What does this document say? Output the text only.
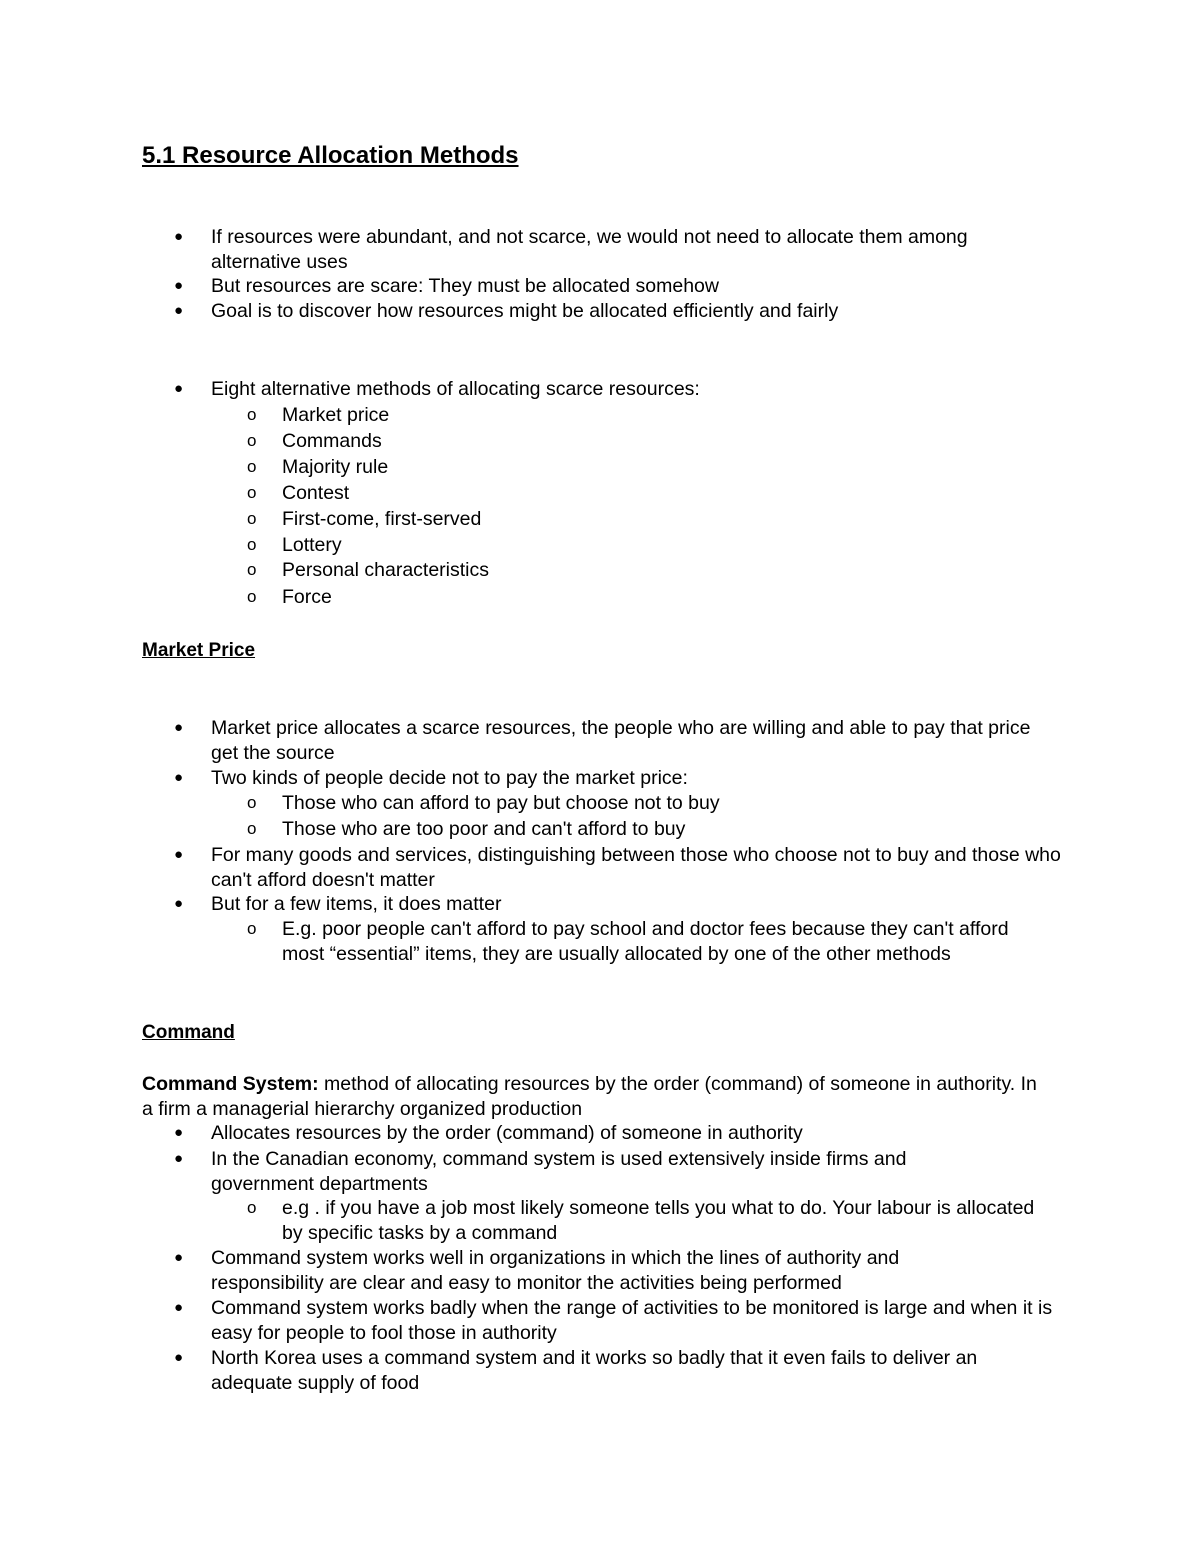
5.1 Resource Allocation Methods
● If resources were abundant, and not scarce, we would not need to allocate them among alternative uses
● But resources are scare: They must be allocated somehow
● Goal is to discover how resources might be allocated efficiently and fairly
● Eight alternative methods of allocating scarce resources:
o Market price
o Commands
o Majority rule
o Contest
o First-come, first-served
o Lottery
o Personal characteristics
o Force
Market Price
● Market price allocates a scarce resources, the people who are willing and able to pay that price get the source
● Two kinds of people decide not to pay the market price:
o Those who can afford to pay but choose not to buy
o Those who are too poor and can't afford to buy
● For many goods and services, distinguishing between those who choose not to buy and those who can't afford doesn't matter
● But for a few items, it does matter
o E.g. poor people can't afford to pay school and doctor fees because they can't afford most “essential” items, they are usually allocated by one of the other methods
Command
Command System: method of allocating resources by the order (command) of someone in authority. In a firm a managerial hierarchy organized production
● Allocates resources by the order (command) of someone in authority
● In the Canadian economy, command system is used extensively inside firms and government departments
o e.g . if you have a job most likely someone tells you what to do. Your labour is allocated by specific tasks by a command
● Command system works well in organizations in which the lines of authority and responsibility are clear and easy to monitor the activities being performed
● Command system works badly when the range of activities to be monitored is large and when it is easy for people to fool those in authority
● North Korea uses a command system and it works so badly that it even fails to deliver an adequate supply of food
